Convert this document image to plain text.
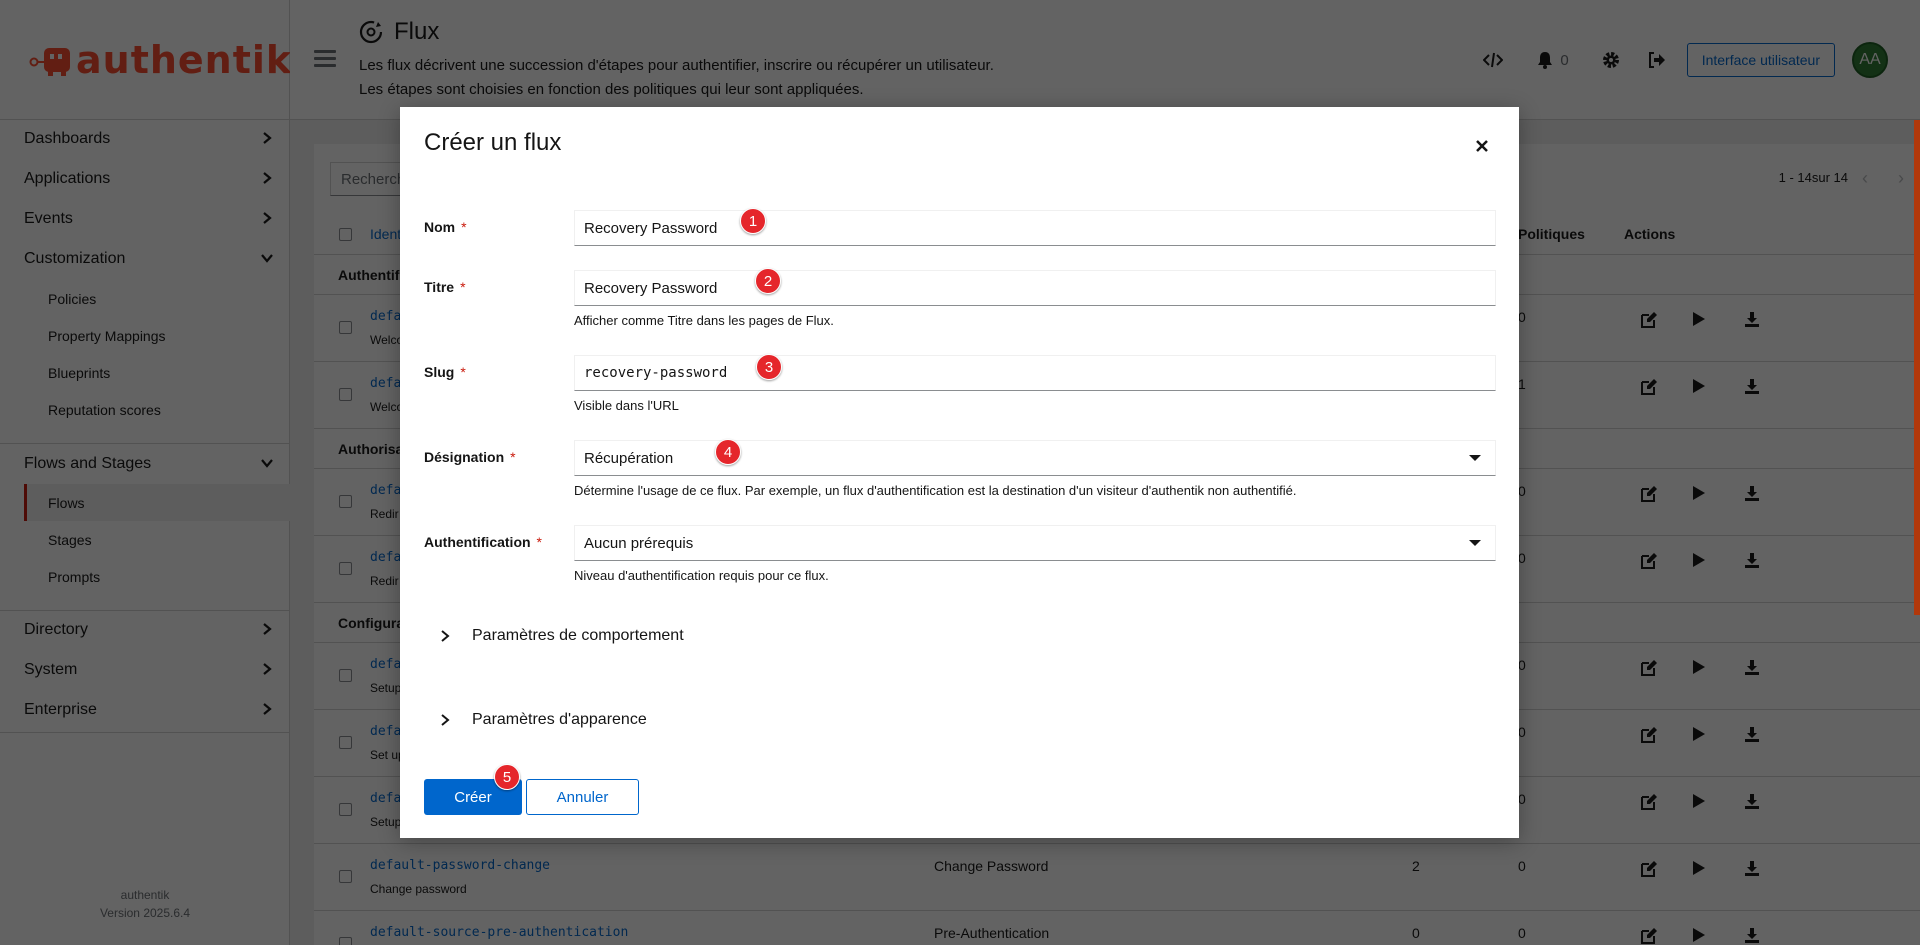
Créer un flux
Nom *	Recovery Password	1
Titre *	Recovery Password
Afficher comme Titre dans les pages de Flux.
2
Slug *	recovery-password
Visible dans l'URL
3
Désignation *	Récupération
Détermine l'usage de ce flux. Par exemple, un flux d'authentification est la destination d'un visiteur d'authentik non authentifié.
4
Authentification *	Aucun prérequis
Niveau d'authentification requis pour ce flux.
Paramètres de comportement
Paramètres d'apparence
Créer	Annuler
5
